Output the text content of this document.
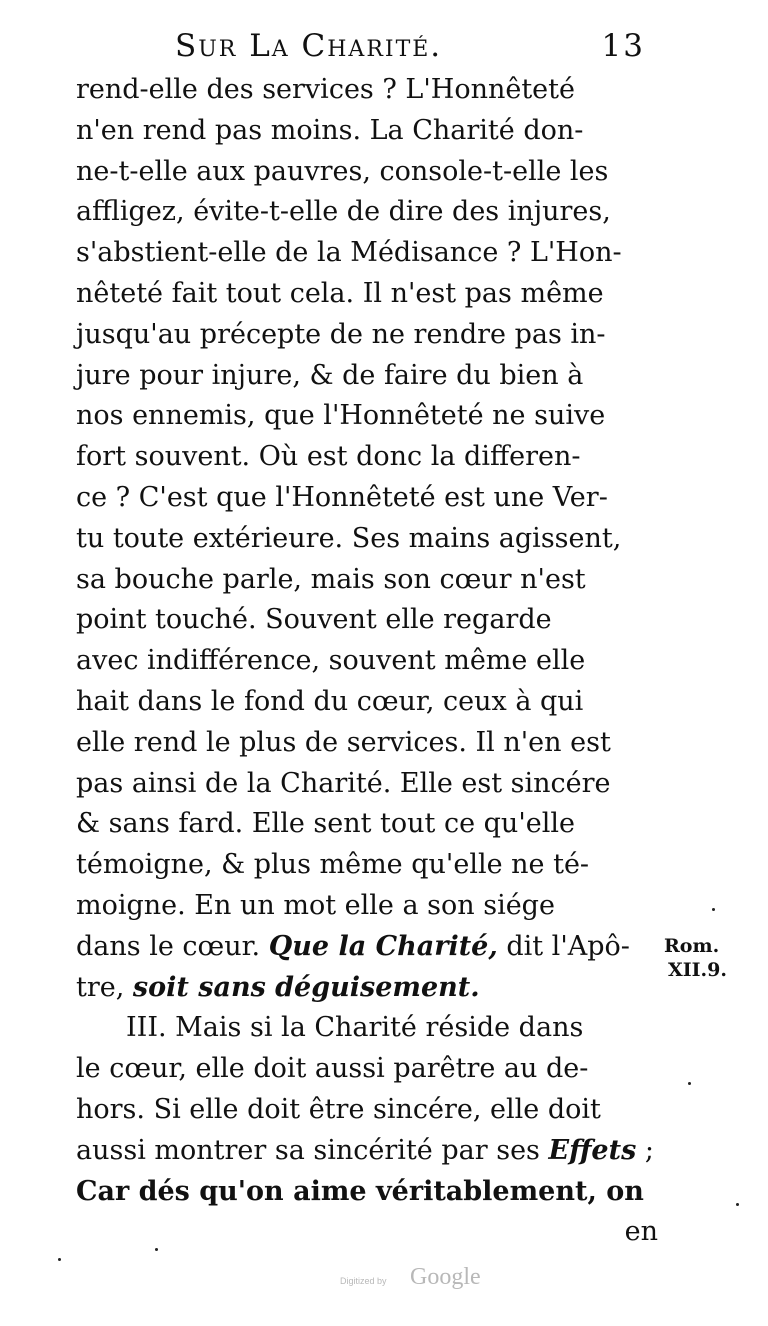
Sur La Charité.	13
rend-elle des services ? L'Honnêteté
n'en rend pas moins. La Charité don-
ne-t-elle aux pauvres, console-t-elle les
affligez, évite-t-elle de dire des injures,
s'abstient-elle de la Médisance ? L'Hon-
nêteté fait tout cela. Il n'est pas même
jusqu'au précepte de ne rendre pas in-
jure pour injure, & de faire du bien à
nos ennemis, que l'Honnêteté ne suive
fort souvent. Où est donc la differen-
ce ? C'est que l'Honnêteté est une Ver-
tu toute extérieure. Ses mains agissent,
sa bouche parle, mais son cœur n'est
point touché. Souvent elle regarde
avec indifférence, souvent même elle
hait dans le fond du cœur, ceux à qui
elle rend le plus de services. Il n'en est
pas ainsi de la Charité. Elle est sincére
& sans fard. Elle sent tout ce qu'elle
témoigne, & plus même qu'elle ne té-
moigne. En un mot elle a son siége
dans le cœur. Que la Charité, dit l'Apô-
tre, soit sans déguisement.
III. Mais si la Charité réside dans
le cœur, elle doit aussi parêtre au de-
hors. Si elle doit être sincére, elle doit
aussi montrer sa sincérité par ses Effets ;
Car dés qu'on aime véritablement, on
en
Rom.
XII.9.
Digitized by Google
